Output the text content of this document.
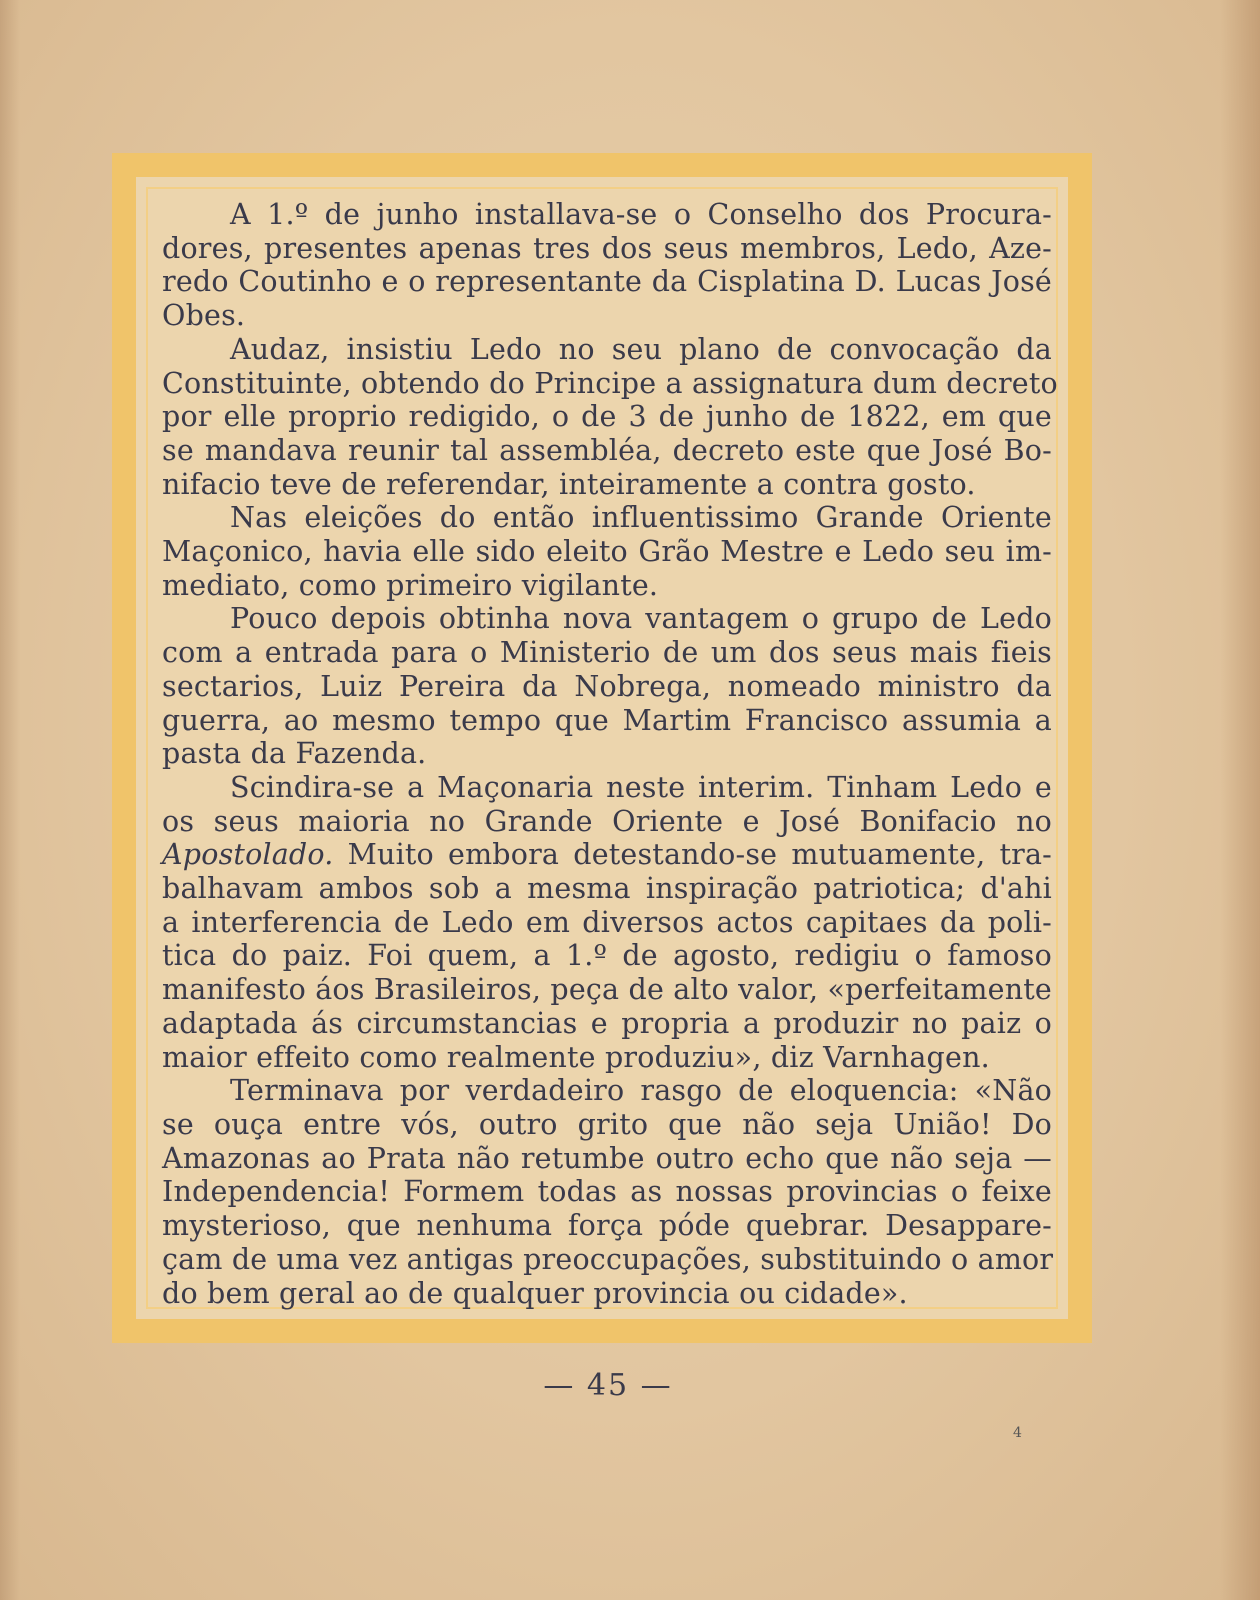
A 1.º de junho installava-se o Conselho dos Procura-
dores, presentes apenas tres dos seus membros, Ledo, Aze-
redo Coutinho e o representante da Cisplatina D. Lucas José
Obes.

Audaz, insistiu Ledo no seu plano de convocação da
Constituinte, obtendo do Principe a assignatura dum decreto
por elle proprio redigido, o de 3 de junho de 1822, em que
se mandava reunir tal assembléa, decreto este que José Bo-
nifacio teve de referendar, inteiramente a contra gosto.

Nas eleições do então influentissimo Grande Oriente
Maçonico, havia elle sido eleito Grão Mestre e Ledo seu im-
mediato, como primeiro vigilante.

Pouco depois obtinha nova vantagem o grupo de Ledo
com a entrada para o Ministerio de um dos seus mais fieis
sectarios, Luiz Pereira da Nobrega, nomeado ministro da
guerra, ao mesmo tempo que Martim Francisco assumia a
pasta da Fazenda.

Scindira-se a Maçonaria neste interim. Tinham Ledo e
os seus maioria no Grande Oriente e José Bonifacio no
Apostolado. Muito embora detestando-se mutuamente, tra-
balhavam ambos sob a mesma inspiração patriotica; d'ahi
a interferencia de Ledo em diversos actos capitaes da poli-
tica do paiz. Foi quem, a 1.º de agosto, redigiu o famoso
manifesto áos Brasileiros, peça de alto valor, «perfeitamente
adaptada ás circumstancias e propria a produzir no paiz o
maior effeito como realmente produziu», diz Varnhagen.

Terminava por verdadeiro rasgo de eloquencia: «Não
se ouça entre vós, outro grito que não seja União! Do
Amazonas ao Prata não retumbe outro echo que não seja —
Independencia! Formem todas as nossas provincias o feixe
mysterioso, que nenhuma força póde quebrar. Desappare-
çam de uma vez antigas preoccupações, substituindo o amor
do bem geral ao de qualquer provincia ou cidade».

— 45 —
4
